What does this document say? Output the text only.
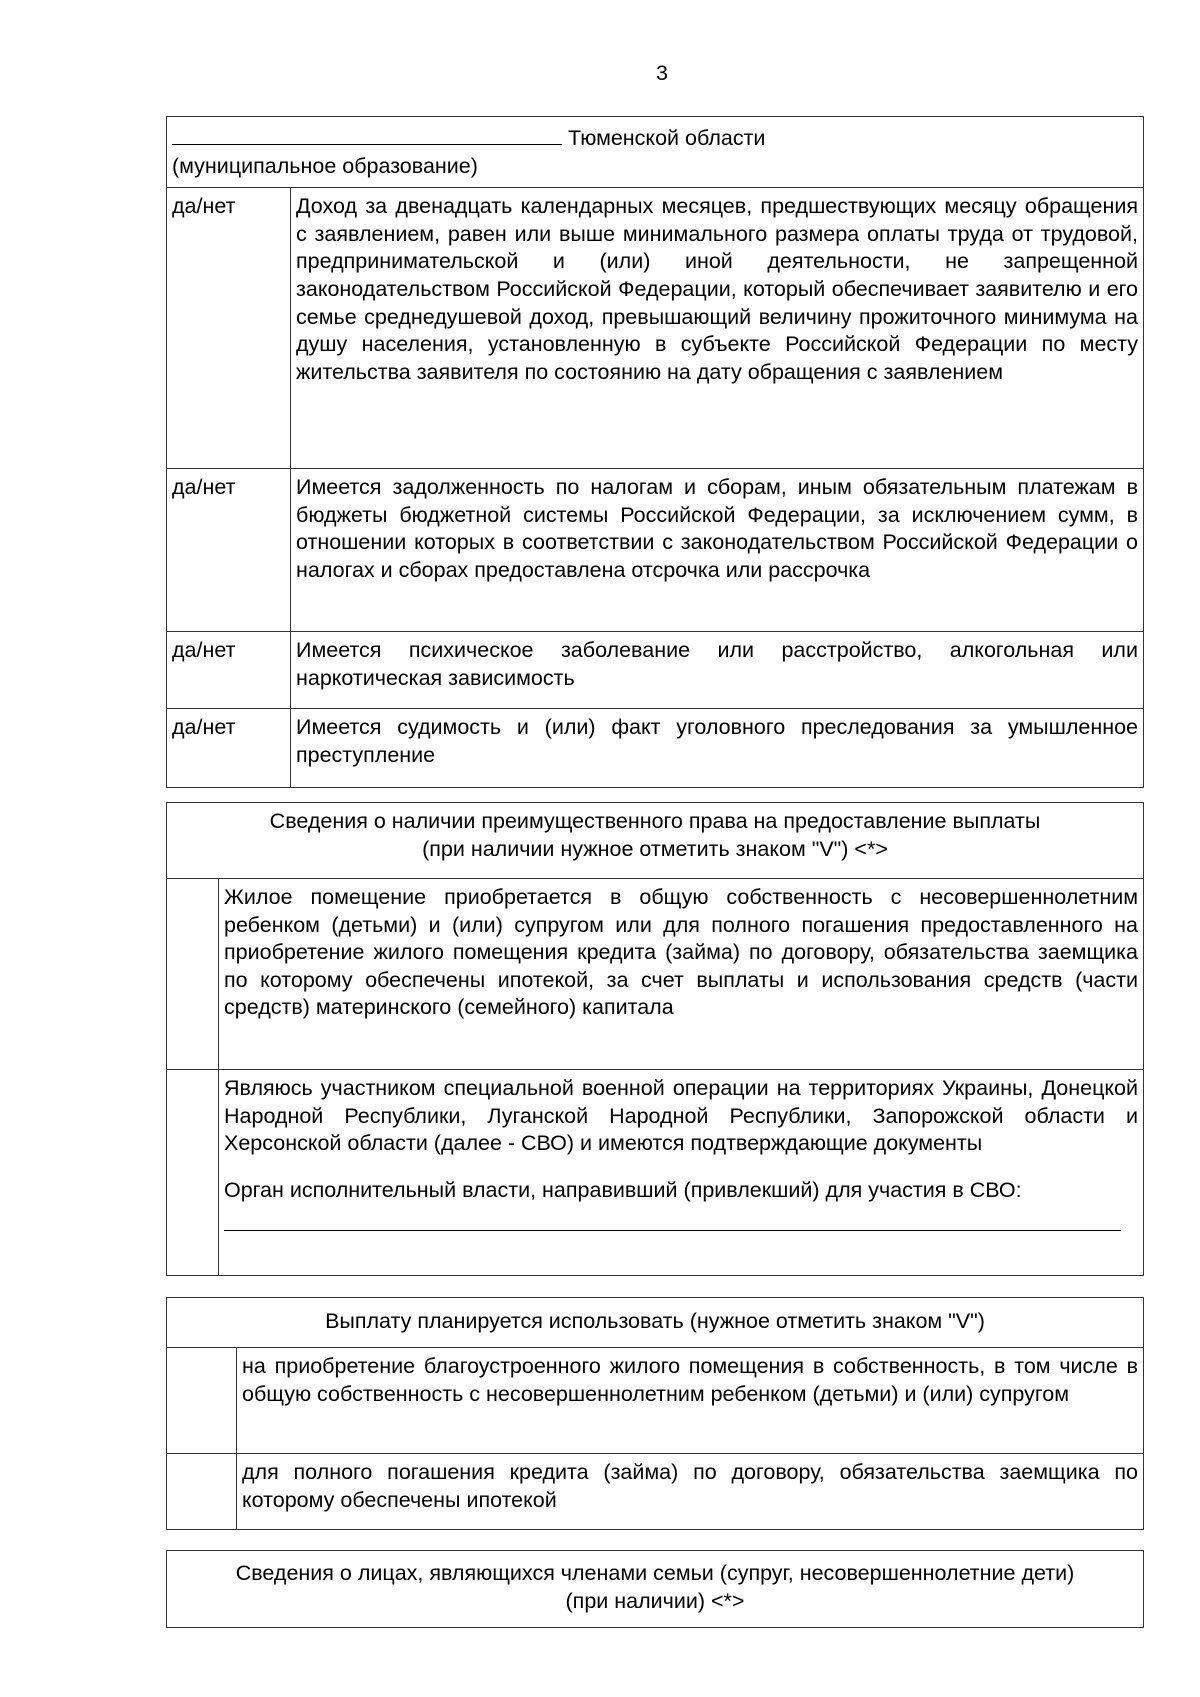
3
Тюменской области
(муниципальное образование)	

да/нет	Доход за двенадцать календарных месяцев, предшествующих месяцу обращения с заявлением, равен или выше минимального размера оплаты труда от трудовой, предпринимательской и (или) иной деятельности, не запрещенной законодательством Российской Федерации, который обеспечивает заявителю и его семье среднедушевой доход, превышающий величину прожиточного минимума на душу населения, установленную в субъекте Российской Федерации по месту жительства заявителя по состоянию на дату обращения с заявлением
да/нет	Имеется задолженность по налогам и сборам, иным обязательным платежам в бюджеты бюджетной системы Российской Федерации, за исключением сумм, в отношении которых в соответствии с законодательством Российской Федерации о налогах и сборах предоставлена отсрочка или рассрочка
да/нет	Имеется психическое заболевание или расстройство, алкогольная или наркотическая зависимость
да/нет	Имеется судимость и (или) факт уголовного преследования за умышленное преступление
Сведения о наличии преимущественного права на предоставление выплаты
(при наличии нужное отметить знаком "V") <*>	

	Жилое помещение приобретается в общую собственность с несовершеннолетним ребенком (детьми) и (или) супругом или для полного погашения предоставленного на приобретение жилого помещения кредита (займа) по договору, обязательства заемщика по которому обеспечены ипотекой, за счет выплаты и использования средств (части средств) материнского (семейного) капитала

	Являюсь участником специальной военной операции на территориях Украины, Донецкой Народной Республики, Луганской Народной Республики, Запорожской области и Херсонской области (далее - СВО) и имеются подтверждающие документы
Орган исполнительный власти, направивший (привлекший) для участия в СВО:
Выплату планируется использовать (нужное отметить знаком "V")	
	на приобретение благоустроенного жилого помещения в собственность, в том числе в общую собственность с несовершеннолетним ребенком (детьми) и (или) супругом
	для полного погашения кредита (займа) по договору, обязательства заемщика по которому обеспечены ипотекой
Сведения о лицах, являющихся членами семьи (супруг, несовершеннолетние дети)
(при наличии) <*>
